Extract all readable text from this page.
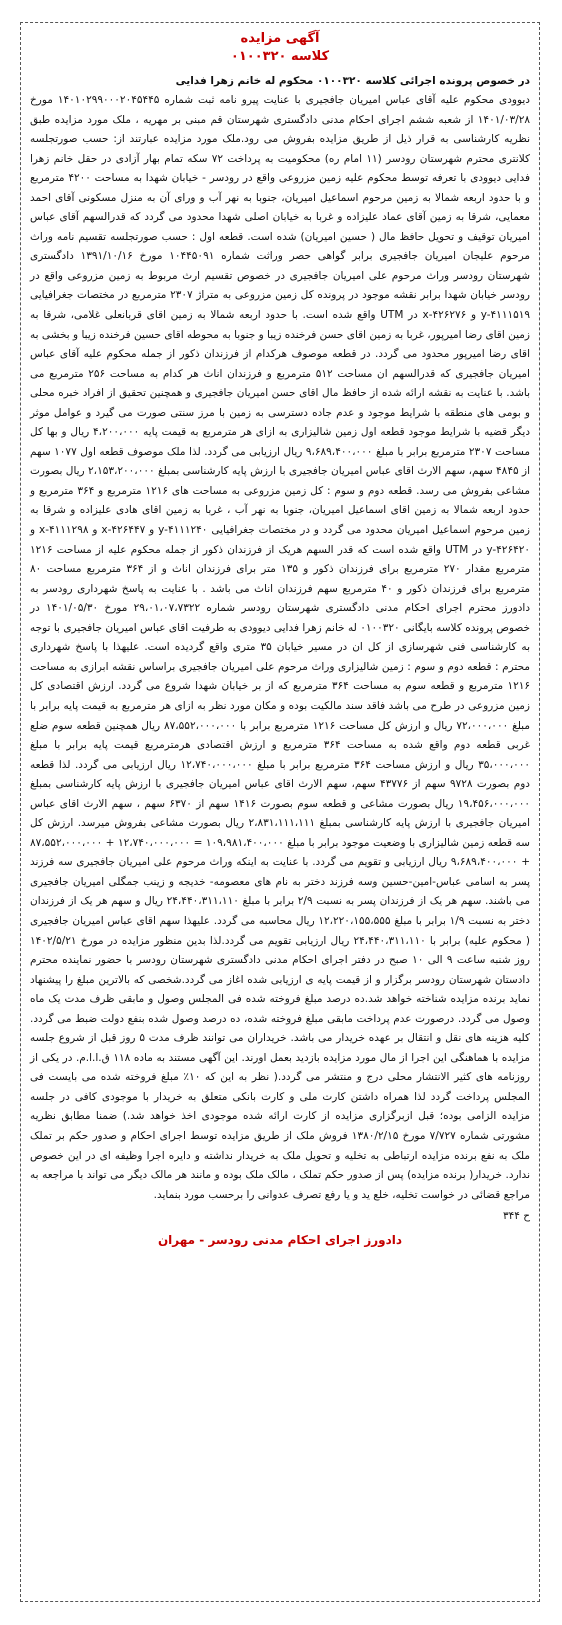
آگهی مزایده

کلاسه ۰۱۰۰۳۲۰

در خصوص پرونده اجرائی کلاسه ۰۱۰۰۳۲۰ محکوم له خانم زهرا فدایی

دیوودی محکوم علیه آقای عباس امیریان جافجیری با عنایت پیرو نامه ثبت شماره ۱۴۰۱۰۲۹۹۰۰۰۲۰۴۵۴۴۵ مورخ ۱۴۰۱/۰۳/۲۸ از شعبه ششم اجرای احکام مدنی دادگستری شهرستان قم مبنی بر مهریه ، ملک مورد مزایده طبق نظریه کارشناسی به قرار ذیل از طریق مزایده بفروش می رود.ملک مورد مزایده عبارتند از: حسب صورتجلسه کلانتری محترم شهرستان رودسر (۱۱ امام ره) محکومیت به پرداخت ۷۲ سکه تمام بهار آزادی در حقل خانم زهرا فدایی دیوودی با تعرفه توسط محکوم علیه زمین مزروعی واقع در رودسر - خیابان شهدا به مساحت ۴۲۰۰ مترمربع و با حدود اربعه شمالا به زمین مرحوم اسماعیل امیریان، جنوبا به نهر آب و ورای آن به منزل مسکونی آقای احمد معمایی، شرقا به زمین آقای عماد علیزاده و غربا به خیابان اصلی شهدا محدود می گردد که قدرالسهم آقای عباس امیریان توقیف و تحویل حافظ مال ( حسین امیریان) شده است. قطعه اول : حسب صورتجلسه تقسیم نامه وراث مرحوم علیجان امیریان جافجیری برابر گواهی حصر وراثت شماره ۱۰۴۴۵۰۹۱ مورخ ۱۳۹۱/۱۰/۱۶ دادگستری شهرستان رودسر وراث مرحوم علی امیریان جافجیری در خصوص تقسیم ارث مربوط به زمین مزروعی واقع در رودسر خیابان شهدا برابر نقشه موجود در پرونده کل زمین مزروعی به متراژ ۲۳۰۷ مترمربع در مختصات جغرافیایی y-۴۱۱۱۵۱۹ و x-۴۲۶۲۷۶ در UTM واقع شده است. با حدود اربعه شمالا به زمین اقای قربانعلی غلامی، شرقا به زمین اقای رضا امیرپور، غربا به زمین اقای حسن فرخنده زیبا و جنوبا به محوطه اقای حسین فرخنده زیبا و بخشی به اقای رضا امیرپور محدود می گردد. در قطعه موصوف هرکدام از فرزندان ذکور از جمله محکوم علیه آقای عباس امیریان جافجیری که قدرالسهم ان مساحت ۵۱۲ مترمربع و فرزندان اناث هر کدام به مساحت ۲۵۶ مترمربع می باشد. با عنایت به نقشه ارائه شده از حافظ مال اقای حسن امیریان جافجیری و همچنین تحقیق از افراد خبره محلی و بومی های منطقه با شرایط موجود و عدم جاده دسترسی به زمین با مرز سنتی صورت می گیرد و عوامل موثر دیگر قضیه با شرایط موجود قطعه اول زمین شالیزاری به ازای هر مترمربع به قیمت پایه ۴،۲۰۰،۰۰۰ ریال و بها کل مساحت ۲۳۰۷ مترمربع برابر با مبلغ ۹،۶۸۹،۴۰۰،۰۰۰ ریال ارزیابی می گردد. لذا ملک موصوف قطعه اول ۱۰۷۷ سهم از ۴۸۴۵ سهم، سهم الارث اقای عباس امیریان جافجیری با ارزش پایه کارشناسی بمبلغ ۲،۱۵۳،۲۰۰،۰۰۰ ریال بصورت مشاعی بفروش می رسد. قطعه دوم و سوم : کل زمین مزروعی به مساحت های ۱۲۱۶ مترمربع و ۳۶۴ مترمربع و حدود اربعه شمالا به زمین اقای اسماعیل امیریان، جنوبا به نهر آب ، غربا به زمین اقای هادی علیزاده و شرقا به زمین مرحوم اسماعیل امیریان محدود می گردد و در مختصات جغرافیایی y-۴۱۱۱۲۴۰ و x-۴۲۶۴۴۷ و x-۴۱۱۱۲۹۸ و y-۴۲۶۴۲۰ در UTM واقع شده است که قدر السهم هریک از فرزندان ذکور از جمله محکوم علیه از مساحت ۱۲۱۶ مترمربع مقدار ۲۷۰ مترمربع برای فرزندان ذکور و ۱۳۵ متر برای فرزندان اناث و از ۳۶۴ مترمربع مساحت ۸۰ مترمربع برای فرزندان ذکور و ۴۰ مترمربع سهم فرزندان اناث می باشد . با عنایت به پاسخ شهرداری رودسر به دادورز محترم اجرای احکام مدنی دادگستری شهرستان رودسر شماره ۲۹،۰۱،۰۷،۷۳۲۲ مورخ ۱۴۰۱/۰۵/۳۰ در خصوص پرونده کلاسه بایگانی ۰۱۰۰۳۲۰ له خانم زهرا فدایی دیوودی به طرفیت اقای عباس امیریان جافجیری با توجه به کارشناسی فنی شهرسازی از کل ان در مسیر خیابان ۳۵ متری واقع گردیده است. علیهذا با پاسخ شهرداری محترم : قطعه دوم و سوم : زمین شالیزاری وراث مرحوم علی امیریان جافجیری براساس نقشه ابرازی به مساحت ۱۲۱۶ مترمربع و قطعه سوم به مساحت ۳۶۴ مترمربع که از بر خیابان شهدا شروع می گردد. ارزش اقتصادی کل زمین مزروعی در طرح می باشد فاقد سند مالکیت بوده و مکان مورد نظر به ازای هر مترمربع به قیمت پایه برابر با مبلغ ۷۲،۰۰۰،۰۰۰ ریال و ارزش کل مساحت ۱۲۱۶ مترمربع برابر با ۸۷،۵۵۲،۰۰۰،۰۰۰ ریال همچنین قطعه سوم ضلع غربی قطعه دوم واقع شده به مساحت ۳۶۴ مترمربع و ارزش اقتصادی هرمترمربع قیمت پایه برابر با مبلغ ۳۵،۰۰۰،۰۰۰ ریال و ارزش مساحت ۳۶۴ مترمربع برابر با مبلغ ۱۲،۷۴۰،۰۰۰،۰۰۰ ریال ارزیابی می گردد. لذا قطعه دوم بصورت ۹۷۲۸ سهم از ۴۳۷۷۶ سهم، سهم الارث اقای عباس امیریان جافجیری با ارزش پایه کارشناسی بمبلغ ۱۹،۴۵۶،۰۰۰،۰۰۰ ریال بصورت مشاعی و قطعه سوم بصورت ۱۴۱۶ سهم از ۶۳۷۰ سهم ، سهم الارث اقای عباس امیریان جافجیری با ارزش پایه کارشناسی بمبلغ ۲،۸۳۱،۱۱۱،۱۱۱ ریال بصورت مشاعی بفروش میرسد. ارزش کل سه قطعه زمین شالیزاری با وضعیت موجود برابر با مبلغ ۱۰۹،۹۸۱،۴۰۰،۰۰۰ = ۱۲،۷۴۰،۰۰۰،۰۰۰ + ۸۷،۵۵۲،۰۰۰،۰۰۰ + ۹،۶۸۹،۴۰۰،۰۰۰ ریال ارزیابی و تقویم می گردد. با عنایت به اینکه وراث مرحوم علی امیریان جافجیری سه فرزند پسر به اسامی عباس-امین-حسین وسه فرزند دختر به نام های معصومه- خدیجه و زینب جمگلی امیریان جافجیری می باشند. سهم هر یک از فرزندان پسر به نسبت ۲/۹ برابر با مبلغ ۲۴،۴۴۰،۳۱۱،۱۱۰ ریال و سهم هر یک از فرزندان دختر به نسبت ۱/۹ برابر با مبلغ ۱۲،۲۲۰،۱۵۵،۵۵۵ ریال محاسبه می گردد. علیهذا سهم اقای عباس امیریان جافجیری ( محکوم علیه) برابر با ۲۴،۴۴۰،۳۱۱،۱۱۰ ریال ارزیابی تقویم می گردد.لذا بدین منظور مزایده در مورخ ۱۴۰۲/۵/۲۱ روز شنبه ساعت ۹ الی ۱۰ صبح در دفتر اجرای احکام مدنی دادگستری شهرستان رودسر با حضور نماینده محترم دادستان شهرستان رودسر برگزار و از قیمت پایه ی ارزیابی شده اغاز می گردد.شخصی که بالاترین مبلغ را پیشنهاد نماید برنده مزایده شناخته خواهد شد.ده درصد مبلغ فروخته شده فی المجلس وصول و مابقی ظرف مدت یک ماه وصول می گردد. درصورت عدم پرداخت مابقی مبلغ فروخته شده، ده درصد وصول شده بنفع دولت ضبط می گردد. کلیه هزینه های نقل و انتقال بر عهده خریدار می باشد. خریداران می توانند ظرف مدت ۵ روز قبل از شروع جلسه مزایده با هماهنگی این اجرا از مال مورد مزایده بازدید بعمل اورند. این آگهی مستند به ماده ۱۱۸ ق.ا.ا.م. در یکی از روزنامه های کثیر الانتشار محلی درج و منتشر می گردد.( نظر به این که ۱۰٪ مبلغ فروخته شده می بایست فی المجلس پرداخت گردد لذا همراه داشتن کارت ملی و کارت بانکی متعلق به خریدار با موجودی کافی در جلسه مزایده الزامی بوده؛ قبل ازبرگزاری مزایده از کارت ارائه شده موجودی اخذ خواهد شد.) ضمنا مطابق نظریه مشورتی شماره ۷/۷۲۷ مورخ ۱۳۸۰/۲/۱۵ فروش ملک از طریق مزایده توسط اجرای احکام و صدور حکم بر تملک ملک به نفع برنده مزایده ارتباطی به تخلیه و تحویل ملک به خریدار نداشته و دایره اجرا وظیفه ای در این خصوص ندارد. خریدار( برنده مزایده) پس از صدور حکم تملک ، مالک ملک بوده و مانند هر مالک دیگر می تواند با مراجعه به مراجع قضائی در خواست تخلیه، خلع ید و یا رفع تصرف عدوانی را برحسب مورد بنماید.

ح ۳۴۴

دادورز اجرای احکام مدنی رودسر - مهران
